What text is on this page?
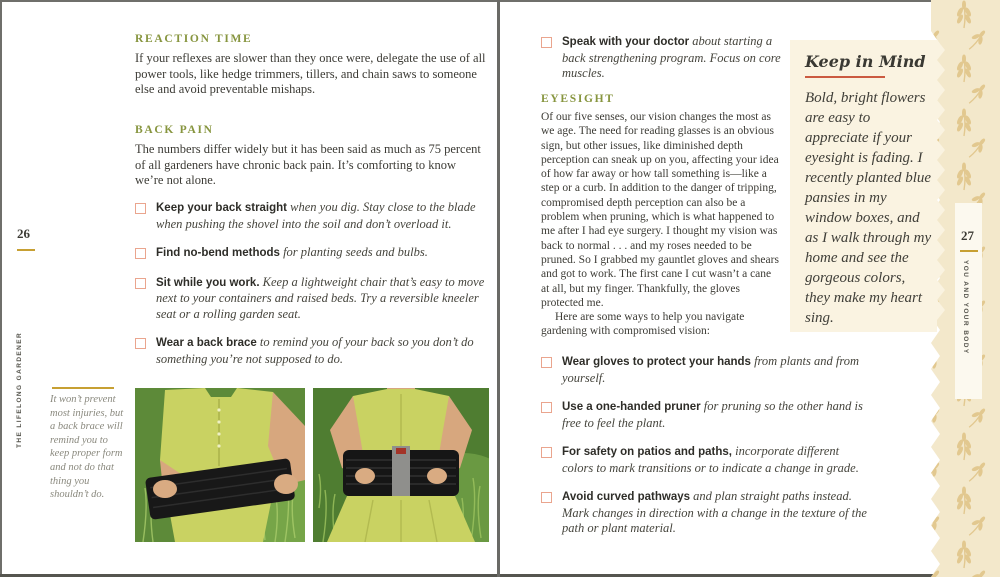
26
THE LIFELONG GARDENER
REACTION TIME
If your reflexes are slower than they once were, delegate the use of all power tools, like hedge trimmers, tillers, and chain saws to someone else and avoid preventable mishaps.
BACK PAIN
The numbers differ widely but it has been said as much as 75 percent of all gardeners have chronic back pain. It’s comforting to know we’re not alone.
Keep your back straight when you dig. Stay close to the blade when pushing the shovel into the soil and don’t overload it.
Find no-bend methods for planting seeds and bulbs.
Sit while you work. Keep a lightweight chair that’s easy to move next to your containers and raised beds. Try a reversible kneeler seat or a rolling garden seat.
Wear a back brace to remind you of your back so you don’t do something you’re not supposed to do.
It won’t prevent most injuries, but a back brace will remind you to keep proper form and not do that thing you shouldn’t do.
Speak with your doctor about starting a back strengthening program. Focus on core muscles.
EYESIGHT
Of our five senses, our vision changes the most as we age. The need for reading glasses is an obvious sign, but other issues, like diminished depth perception can sneak up on you, affecting your idea of how far away or how tall something is—like a step or a curb. In addition to the danger of tripping, compromised depth perception can also be a problem when pruning, which is what happened to me after I had eye surgery. I thought my vision was back to normal . . . and my roses needed to be pruned. So I grabbed my gauntlet gloves and shears and got to work. The first cane I cut wasn’t a cane at all, but my finger. Thankfully, the gloves protected me.
Here are some ways to help you navigate gardening with compromised vision:
Wear gloves to protect your hands from plants and from yourself.
Use a one-handed pruner for pruning so the other hand is free to feel the plant.
For safety on patios and paths, incorporate different colors to mark transitions or to indicate a change in grade.
Avoid curved pathways and plan straight paths instead. Mark changes in direction with a change in the texture of the path or plant material.
27
YOU AND YOUR BODY
Keep in Mind
Bold, bright flowers are easy to appreciate if your eyesight is fading. I recently planted blue pansies in my window boxes, and as I walk through my home and see the gorgeous colors, they make my heart sing.
